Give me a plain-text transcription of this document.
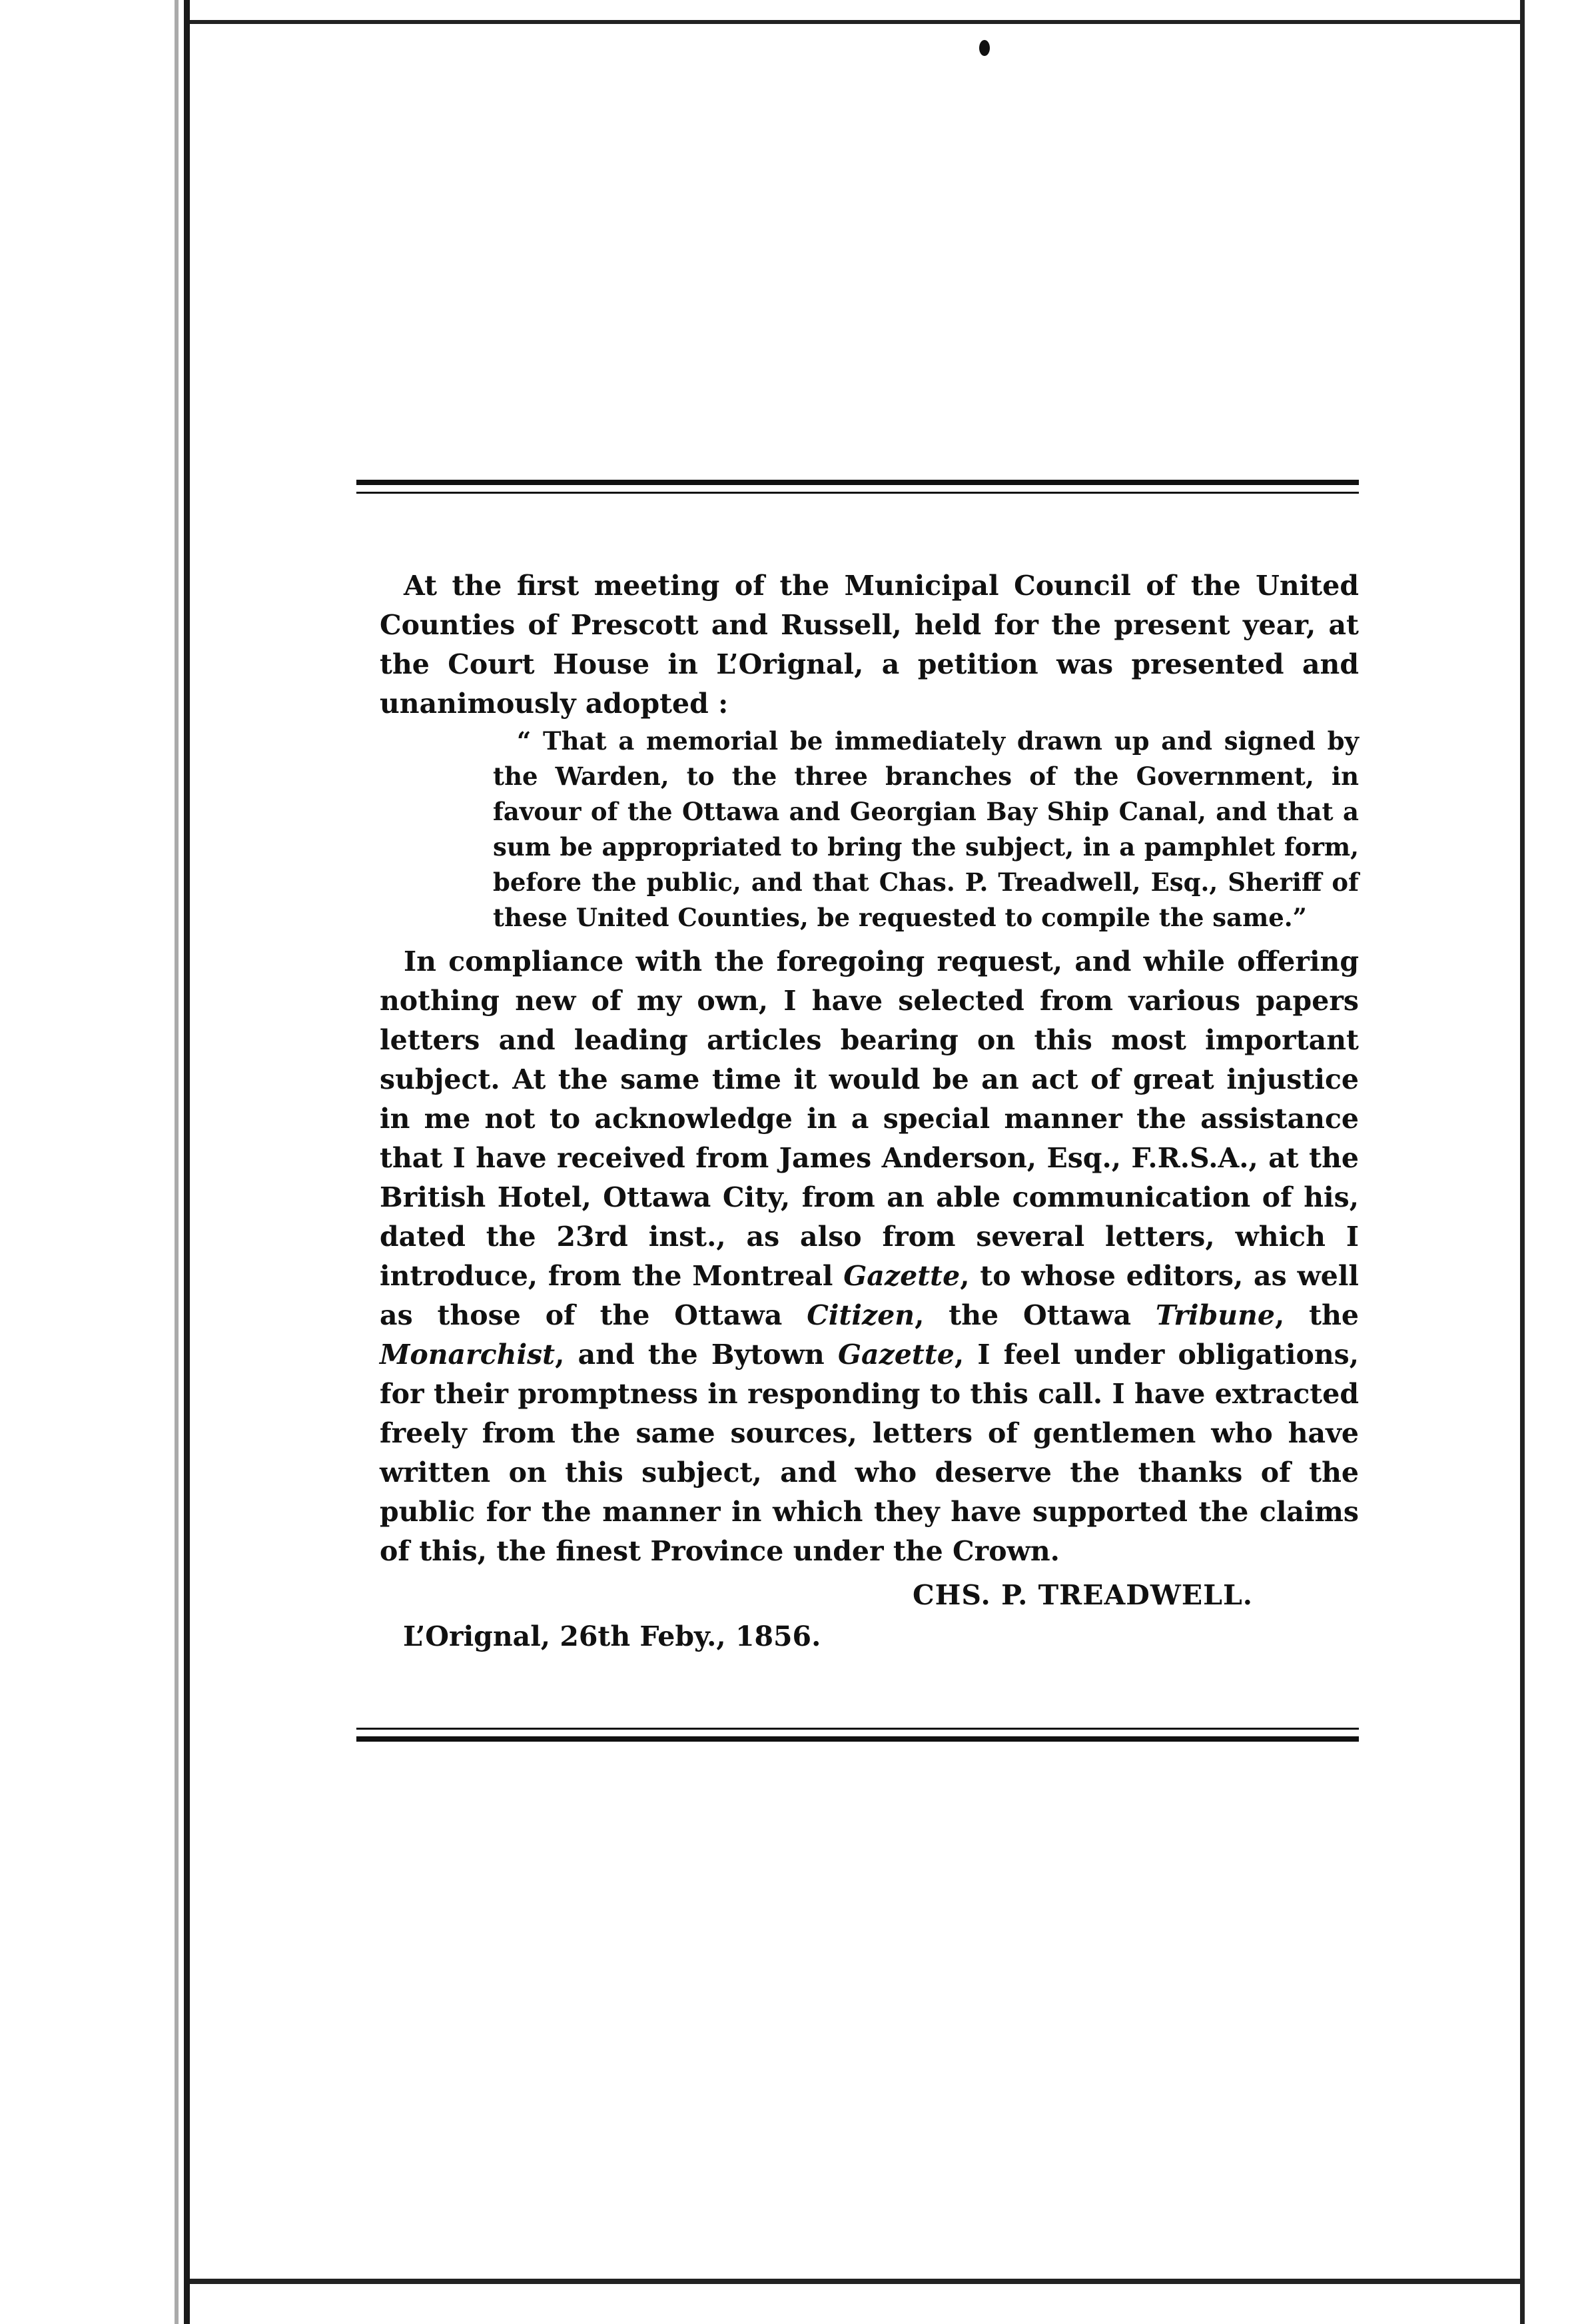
At the first meeting of the Municipal Council of the United Counties of Prescott and Russell, held for the present year, at the Court House in L’Orignal, a petition was presented and unanimously adopted :

“ That a memorial be immediately drawn up and signed by the Warden, to the three branches of the Government, in favour of the Ottawa and Georgian Bay Ship Canal, and that a sum be appropriated to bring the subject, in a pamphlet form, before the public, and that Chas. P. Treadwell, Esq., Sheriff of these United Counties, be requested to compile the same.”

In compliance with the foregoing request, and while offering nothing new of my own, I have selected from various papers letters and leading articles bearing on this most important subject. At the same time it would be an act of great injustice in me not to acknowledge in a special manner the assistance that I have received from James Anderson, Esq., F.R.S.A., at the British Hotel, Ottawa City, from an able communication of his, dated the 23rd inst., as also from several letters, which I introduce, from the Montreal Gazette, to whose editors, as well as those of the Ottawa Citizen, the Ottawa Tribune, the Monarchist, and the Bytown Gazette, I feel under obligations, for their promptness in responding to this call. I have extracted freely from the same sources, letters of gentlemen who have written on this subject, and who deserve the thanks of the public for the manner in which they have supported the claims of this, the finest Province under the Crown.

CHS. P. TREADWELL.
L’Orignal, 26th Feby., 1856.
